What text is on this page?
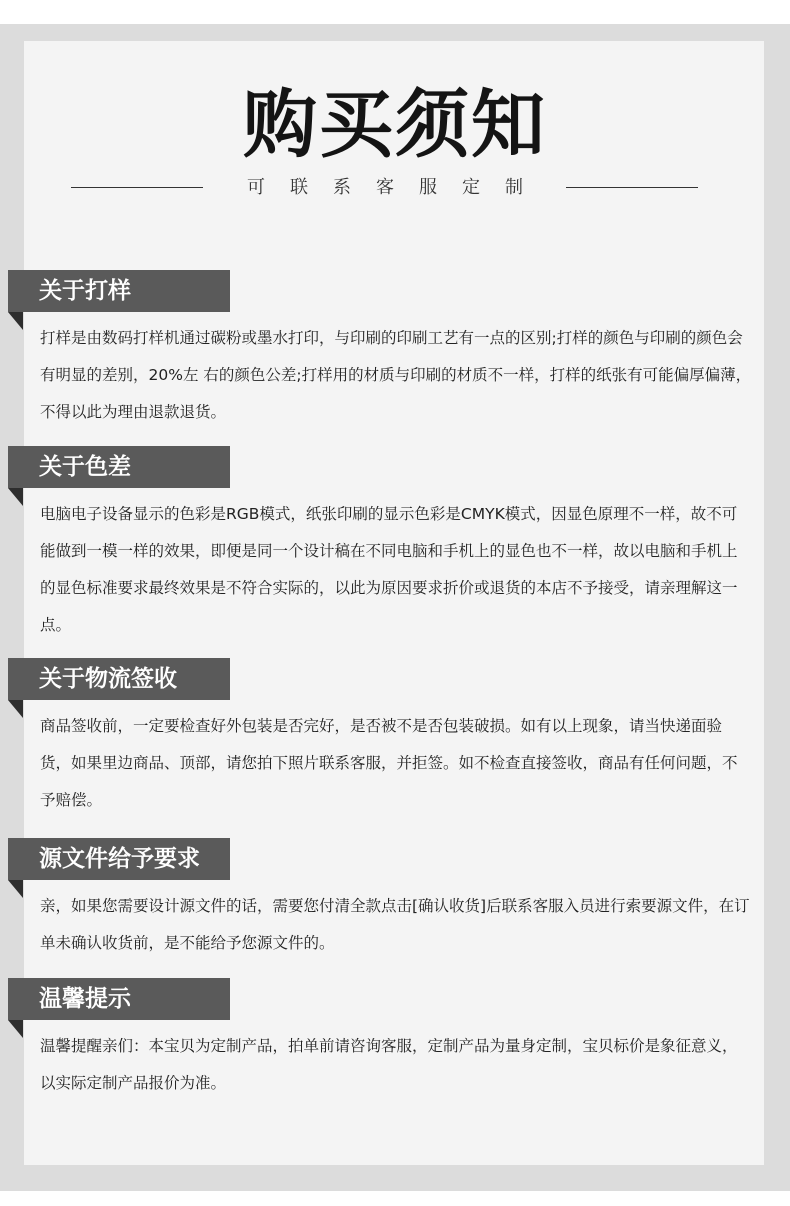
购买须知
可联系客服定制
关于打样

打样是由数码打样机通过碳粉或墨水打印，与印刷的印刷工艺有一点的区别;打样的颜色与印刷的颜色会有明显的差别，20%左 右的颜色公差;打样用的材质与印刷的材质不一样，打样的纸张有可能偏厚偏薄，不得以此为理由退款退货。

关于色差

电脑电子设备显示的色彩是RGB模式，纸张印刷的显示色彩是CMYK模式，因显色原理不一样，故不可能做到一模一样的效果，即便是同一个设计稿在不同电脑和手机上的显色也不一样，故以电脑和手机上的显色标准要求最终效果是不符合实际的，以此为原因要求折价或退货的本店不予接受，请亲理解这一点。

关于物流签收

商品签收前，一定要检查好外包装是否完好，是否被不是否包装破损。如有以上现象，请当快递面验货，如果里边商品、顶部，请您拍下照片联系客服，并拒签。如不检查直接签收，商品有任何问题，不予赔偿。

源文件给予要求

亲，如果您需要设计源文件的话，需要您付清全款点击[确认收货]后联系客服入员进行索要源文件，在订单未确认收货前，是不能给予您源文件的。

温馨提示

温馨提醒亲们：本宝贝为定制产品，拍单前请咨询客服，定制产品为量身定制，宝贝标价是象征意义，以实际定制产品报价为准。
